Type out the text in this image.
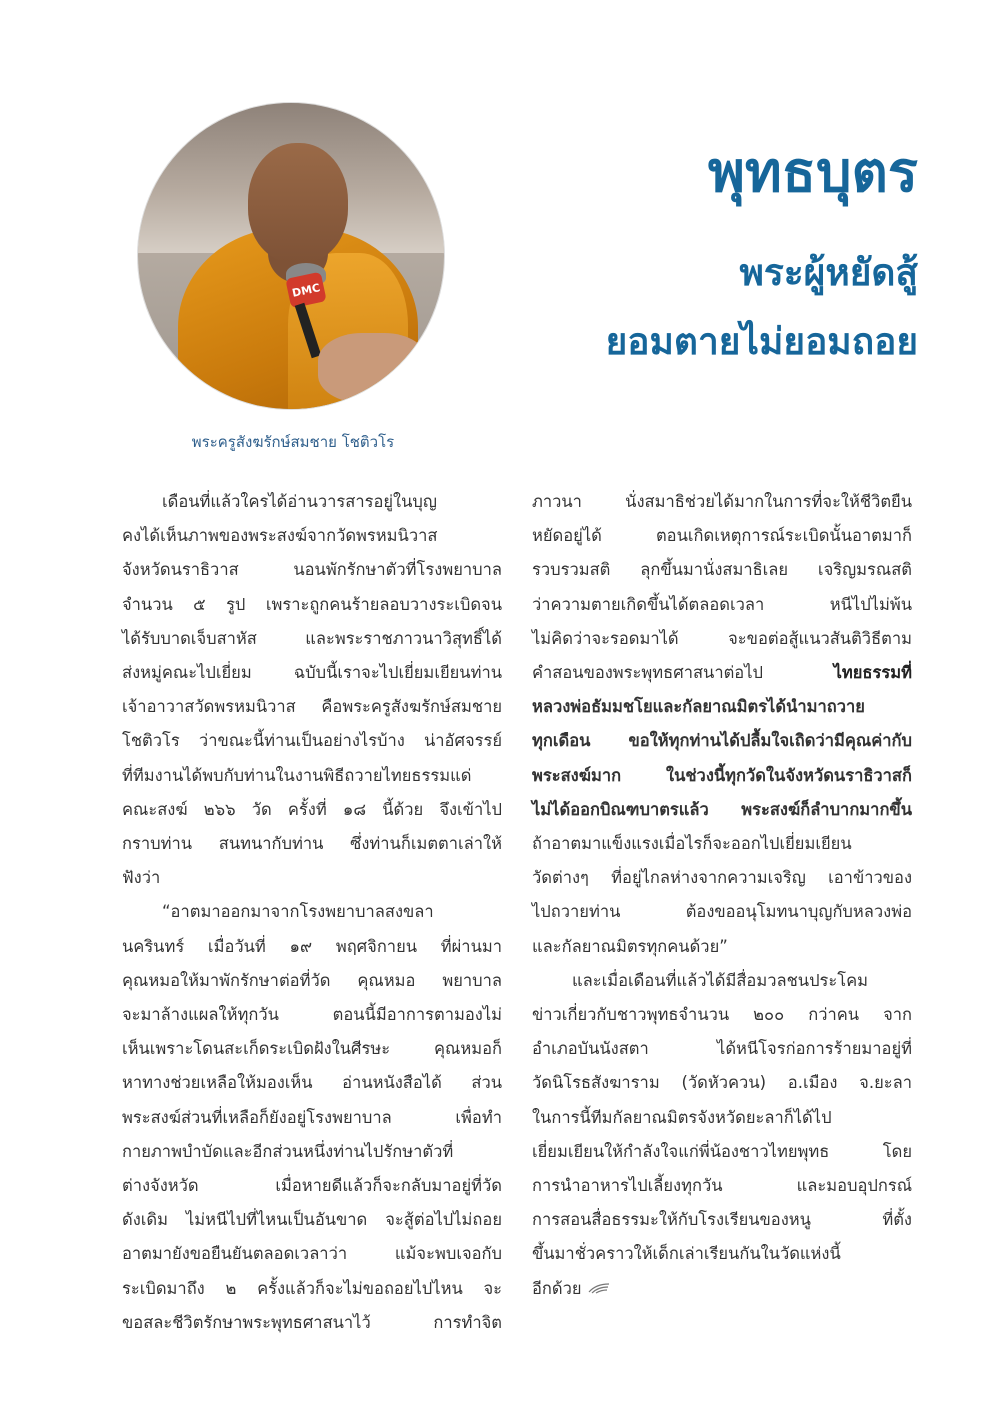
DMC
พุทธบุตร
พระผู้หยัดสู้
ยอมตายไม่ยอมถอย
พระครูสังฆรักษ์สมชาย โชติวโร

เดือนที่แล้วใครได้อ่านวารสารอยู่ในบุญ

คงได้เห็นภาพของพระสงฆ์จากวัดพรหมนิวาส

จังหวัดนราธิวาส นอนพักรักษาตัวที่โรงพยาบาล

จำนวน ๕ รูป เพราะถูกคนร้ายลอบวางระเบิดจน

ได้รับบาดเจ็บสาหัส และพระราชภาวนาวิสุทธิ์ได้

ส่งหมู่คณะไปเยี่ยม ฉบับนี้เราจะไปเยี่ยมเยียนท่าน

เจ้าอาวาสวัดพรหมนิวาส คือพระครูสังฆรักษ์สมชาย

โชติวโร ว่าขณะนี้ท่านเป็นอย่างไรบ้าง น่าอัศจรรย์

ที่ทีมงานได้พบกับท่านในงานพิธีถวายไทยธรรมแด่

คณะสงฆ์ ๒๖๖ วัด ครั้งที่ ๑๘ นี้ด้วย จึงเข้าไป

กราบท่าน สนทนากับท่าน ซึ่งท่านก็เมตตาเล่าให้

ฟังว่า

“อาตมาออกมาจากโรงพยาบาลสงขลา

นครินทร์ เมื่อวันที่ ๑๙ พฤศจิกายน ที่ผ่านมา

คุณหมอให้มาพักรักษาต่อที่วัด คุณหมอ พยาบาล

จะมาล้างแผลให้ทุกวัน ตอนนี้มีอาการตามองไม่

เห็นเพราะโดนสะเก็ดระเบิดฝังในศีรษะ คุณหมอก็

หาทางช่วยเหลือให้มองเห็น อ่านหนังสือได้ ส่วน

พระสงฆ์ส่วนที่เหลือก็ยังอยู่โรงพยาบาล เพื่อทำ

กายภาพบำบัดและอีกส่วนหนึ่งท่านไปรักษาตัวที่

ต่างจังหวัด เมื่อหายดีแล้วก็จะกลับมาอยู่ที่วัด

ดังเดิม ไม่หนีไปที่ไหนเป็นอันขาด จะสู้ต่อไปไม่ถอย

อาตมายังขอยืนยันตลอดเวลาว่า แม้จะพบเจอกับ

ระเบิดมาถึง ๒ ครั้งแล้วก็จะไม่ขอถอยไปไหน จะ

ขอสละชีวิตรักษาพระพุทธศาสนาไว้ การทำจิต

ภาวนา นั่งสมาธิช่วยได้มากในการที่จะให้ชีวิตยืน

หยัดอยู่ได้ ตอนเกิดเหตุการณ์ระเบิดนั้นอาตมาก็

รวบรวมสติ ลุกขึ้นมานั่งสมาธิเลย เจริญมรณสติ

ว่าความตายเกิดขึ้นได้ตลอดเวลา หนีไปไม่พ้น

ไม่คิดว่าจะรอดมาได้ จะขอต่อสู้แนวสันติวิธีตาม

คำสอนของพระพุทธศาสนาต่อไป	ไทยธรรมที่

หลวงพ่อธัมมชโยและกัลยาณมิตรได้นำมาถวาย

ทุกเดือน ขอให้ทุกท่านได้ปลื้มใจเถิดว่ามีคุณค่ากับ

พระสงฆ์มาก ในช่วงนี้ทุกวัดในจังหวัดนราธิวาสก็

ไม่ได้ออกบิณฑบาตรแล้ว พระสงฆ์ก็ลำบากมากขึ้น

ถ้าอาตมาแข็งแรงเมื่อไรก็จะออกไปเยี่ยมเยียน

วัดต่างๆ ที่อยู่ไกลห่างจากความเจริญ เอาข้าวของ

ไปถวายท่าน ต้องขออนุโมทนาบุญกับหลวงพ่อ

และกัลยาณมิตรทุกคนด้วย”

และเมื่อเดือนที่แล้วได้มีสื่อมวลชนประโคม

ข่าวเกี่ยวกับชาวพุทธจำนวน ๒๐๐ กว่าคน จาก

อำเภอบันนังสตา ได้หนีโจรก่อการร้ายมาอยู่ที่

วัดนิโรธสังฆาราม (วัดหัวควน) อ.เมือง จ.ยะลา

ในการนี้ทีมกัลยาณมิตรจังหวัดยะลาก็ได้ไป

เยี่ยมเยียนให้กำลังใจแก่พี่น้องชาวไทยพุทธ โดย

การนำอาหารไปเลี้ยงทุกวัน และมอบอุปกรณ์

การสอนสื่อธรรมะให้กับโรงเรียนของหนู ที่ตั้ง

ขึ้นมาชั่วคราวให้เด็กเล่าเรียนกันในวัดแห่งนี้

อีกด้วย
